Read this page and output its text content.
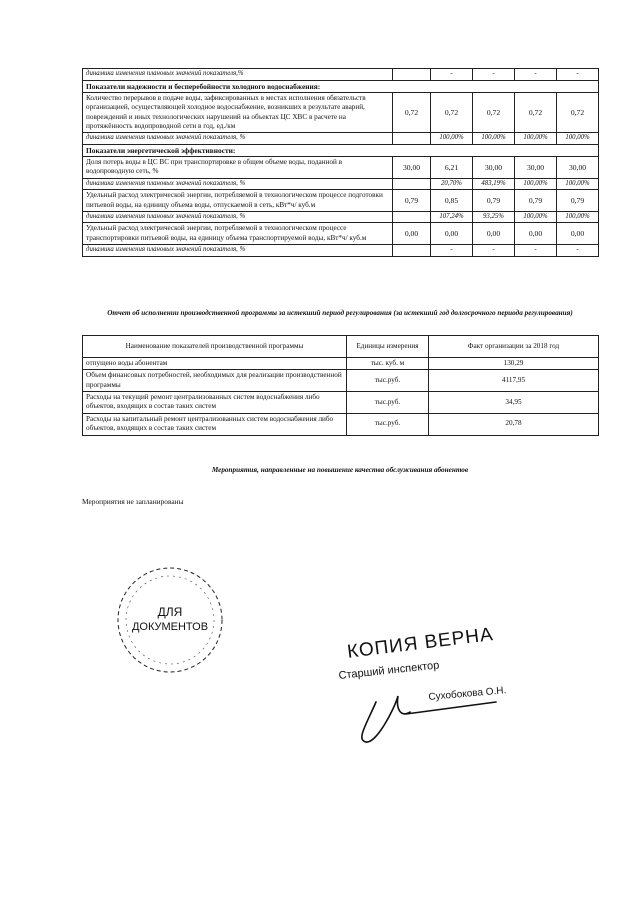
динамика изменения плановых значений показателя,%		-	-	-	-
Показатели надежности и бесперебойности холодного водоснабжения:					
Количество перерывов в подаче воды, зафиксированных в местах исполнения обязательств организацией, осуществляющей холодное водоснабжение, возникших в результате аварий, повреждений и иных технологических нарушений на объектах ЦС ХВС в расчете на протяжённость водопроводной сети в год, ед./км	0,72	0,72	0,72	0,72	0,72
динамика изменения плановых значений показателя, %		100,00%	100,00%	100,00%	100,00%
Показатели энергетической эффективности:					
Доля потерь воды в ЦС ВС при транспортировке в общем объеме воды, поданной в водопроводную сеть, %	30,00	6,21	30,00	30,00	30,00
динамика изменения плановых значений показателя, %		20,70%	483,19%	100,00%	100,00%
Удельный расход электрической энергии, потребляемой в технологическом процессе подготовки питьевой воды, на единицу объема воды, отпускаемой в сеть, кВт*ч/ куб.м	0,79	0,85	0,79	0,79	0,79
динамика изменения плановых значений показателя, %		107,24%	93,25%	100,00%	100,00%
Удельный расход электрической энергии, потребляемой в технологическом процессе транспортировки питьевой воды, на единицу объема транспортируемой воды, кВт*ч/ куб.м	0,00	0,00	0,00	0,00	0,00
динамика изменения плановых значений показателя, %		-	-	-	-
Отчет об исполнении производственной программы за истекший период регулирования (за истекший год долгосрочного периода регулирования)
Наименование показателей производственной программы	Единицы измерения	Факт организации за 2018 год
отпущено воды абонентам	тыс. куб. м	130,29
Объем финансовых потребностей, необходимых для реализации производственной программы	тыс.руб.	4117,95
Расходы на текущий ремонт централизованных систем водоснабжения либо объектов, входящих в состав таких систем	тыс.руб.	34,95
Расходы на капитальный ремонт централизованных систем водоснабжения либо объектов, входящих в состав таких систем	тыс.руб.	20,78
Мероприятия, направленные на повышение качества обслуживания абонентов
Мероприятия не запланированы
ДЛЯ
ДОКУМЕНТОВ	КОПИЯ ВЕРНА
Старший инспектор
Сухобокова О.Н.
